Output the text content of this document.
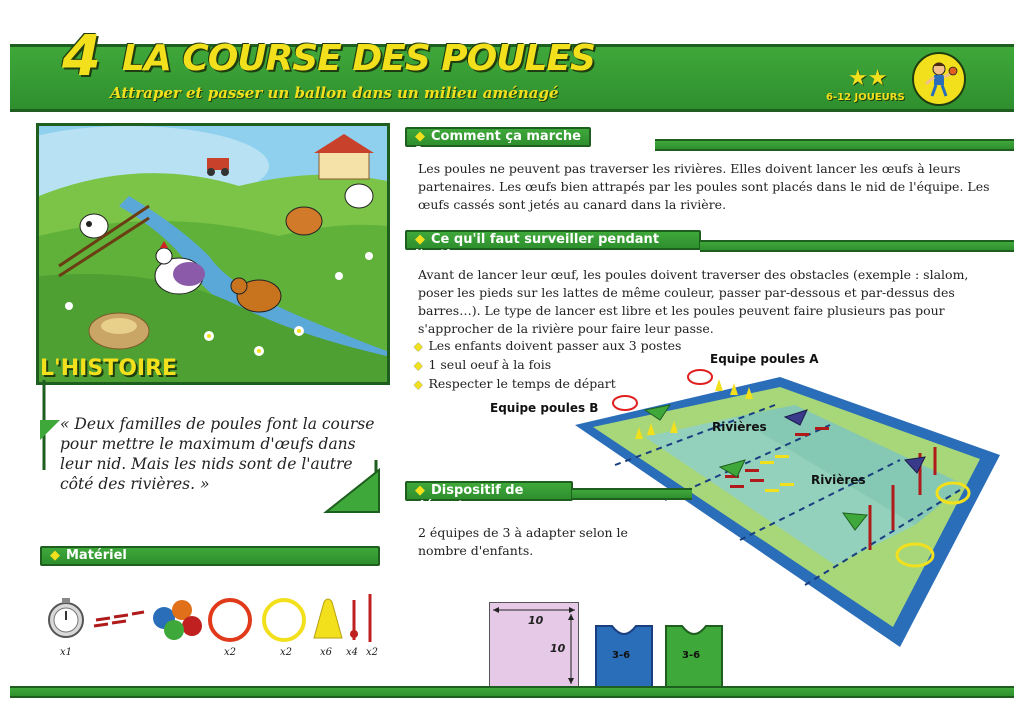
4 LA COURSE DES POULES
Attraper et passer un ballon dans un milieu aménagé
★★
6-12 JOUEURS
L'HISTOIRE
« Deux familles de poules font la course pour mettre le maximum d'œufs dans leur nid. Mais les nids sont de l'autre côté des rivières. »
◆ Comment ça marche ?
Les poules ne peuvent pas traverser les rivières. Elles doivent lancer les œufs à leurs partenaires. Les œufs bien attrapés par les poules sont placés dans le nid de l'équipe. Les œufs cassés sont jetés au canard dans la rivière.
◆ Ce qu'il faut surveiller pendant l'action
Avant de lancer leur œuf, les poules doivent traverser des obstacles (exemple : slalom, poser les pieds sur les lattes de même couleur, passer par-dessous et par-dessus des barres…). Le type de lancer est libre et les poules peuvent faire plusieurs pas pour s'approcher de la rivière pour faire leur passe.
◆ Les enfants doivent passer aux 3 postes
◆ 1 seul oeuf à la fois
◆ Respecter le temps de départ
Equipe poules A
Equipe poules B
Rivières
Rivières
◆ Dispositif de départ
2 équipes de 3 à adapter selon le nombre d'enfants.
◆ Matériel
x1	x2	x2	x6 x4 x2
10
10
3-6	3-6
